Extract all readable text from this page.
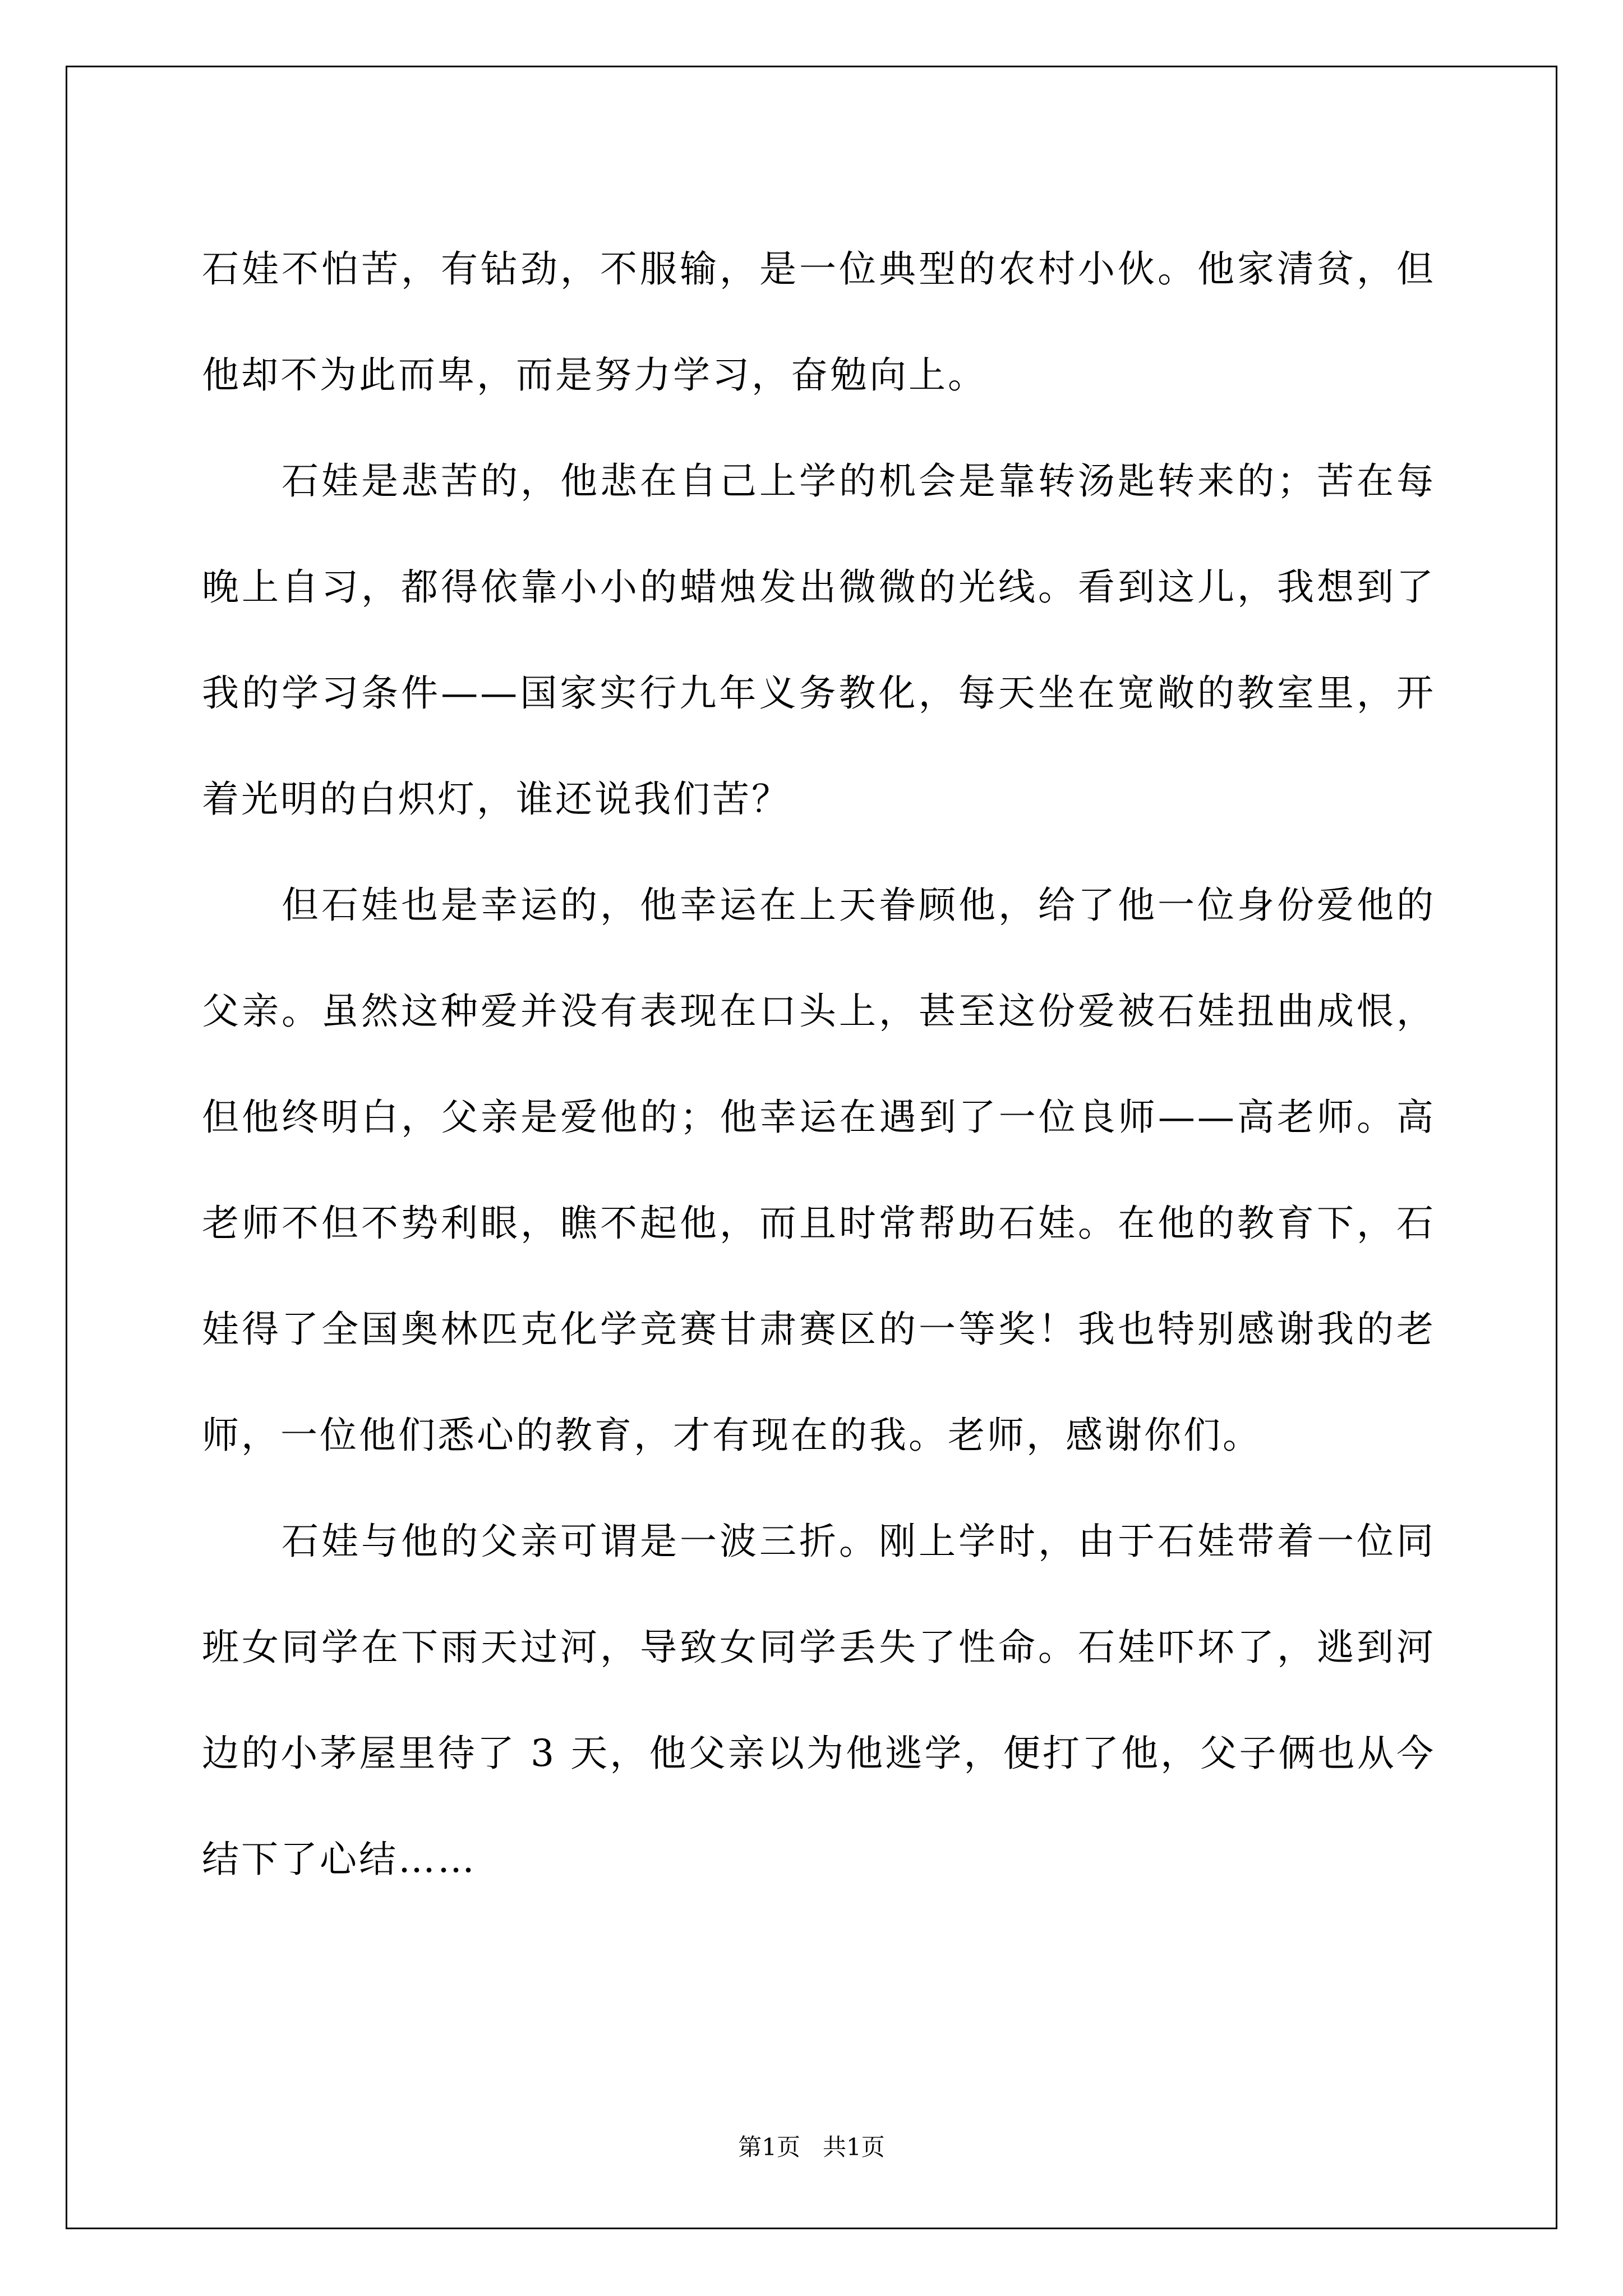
石娃不怕苦，有钻劲，不服输，是一位典型的农村小伙。他家清贫，但他却不为此而卑，而是努力学习，奋勉向上。

石娃是悲苦的，他悲在自己上学的机会是靠转汤匙转来的；苦在每晚上自习，都得依靠小小的蜡烛发出微微的光线。看到这儿，我想到了我的学习条件——国家实行九年义务教化，每天坐在宽敞的教室里，开着光明的白炽灯，谁还说我们苦？

但石娃也是幸运的，他幸运在上天眷顾他，给了他一位身份爱他的父亲。虽然这种爱并没有表现在口头上，甚至这份爱被石娃扭曲成恨，但他终明白，父亲是爱他的；他幸运在遇到了一位良师——高老师。高老师不但不势利眼，瞧不起他，而且时常帮助石娃。在他的教育下，石娃得了全国奥林匹克化学竞赛甘肃赛区的一等奖！我也特别感谢我的老师，一位他们悉心的教育，才有现在的我。老师，感谢你们。

石娃与他的父亲可谓是一波三折。刚上学时，由于石娃带着一位同班女同学在下雨天过河，导致女同学丢失了性命。石娃吓坏了，逃到河边的小茅屋里待了 3 天，他父亲以为他逃学，便打了他，父子俩也从今结下了心结……

第1页   共1页
